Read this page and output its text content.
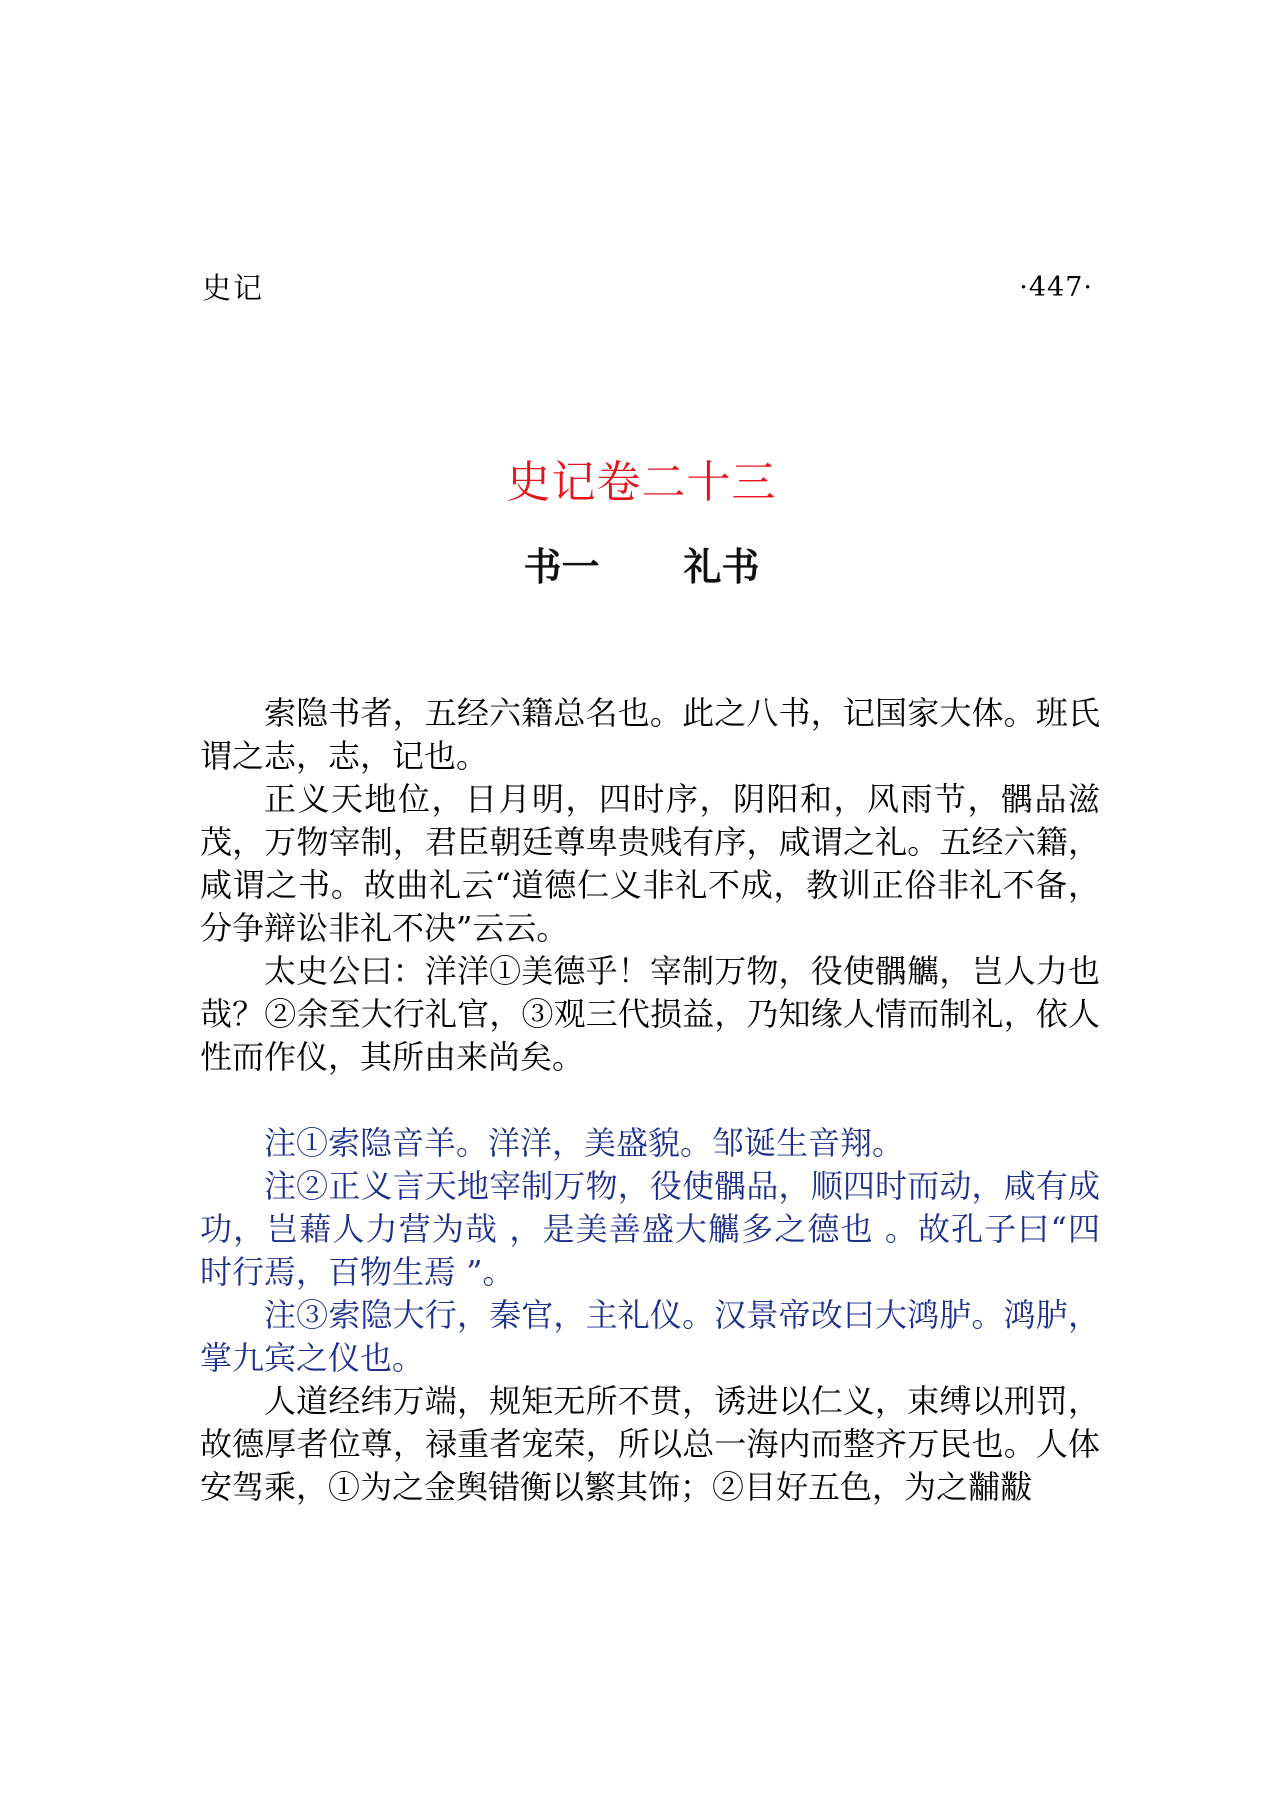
史记	·447·
史记卷二十三
书一 礼书

索隐书者，五经六籍总名也。此之八书，记国家大体。班氏谓之志，志，记也。

正义天地位，日月明，四时序，阴阳和，风雨节，髃品滋茂，万物宰制，君臣朝廷尊卑贵贱有序，咸谓之礼。五经六籍，咸谓之书。故曲礼云“道德仁义非礼不成，教训正俗非礼不备，分争辩讼非礼不决”云云。

太史公曰：洋洋①美德乎！宰制万物，役使髃觽，岂人力也哉？②余至大行礼官，③观三代损益，乃知缘人情而制礼，依人性而作仪，其所由来尚矣。

注①索隐音羊。洋洋，美盛貌。邹诞生音翔。

注②正义言天地宰制万物，役使髃品，顺四时而动，咸有成功，岂藉人力营为哉 ，是美善盛大觽多之德也 。故孔子曰“四时行焉，百物生焉 ”。

注③索隐大行，秦官，主礼仪。汉景帝改曰大鸿胪。鸿胪，掌九宾之仪也。

人道经纬万端，规矩无所不贯，诱进以仁义，束缚以刑罚，故德厚者位尊，禄重者宠荣，所以总一海内而整齐万民也。人体安驾乘，①为之金舆错衡以繁其饰；②目好五色，为之黼黻
